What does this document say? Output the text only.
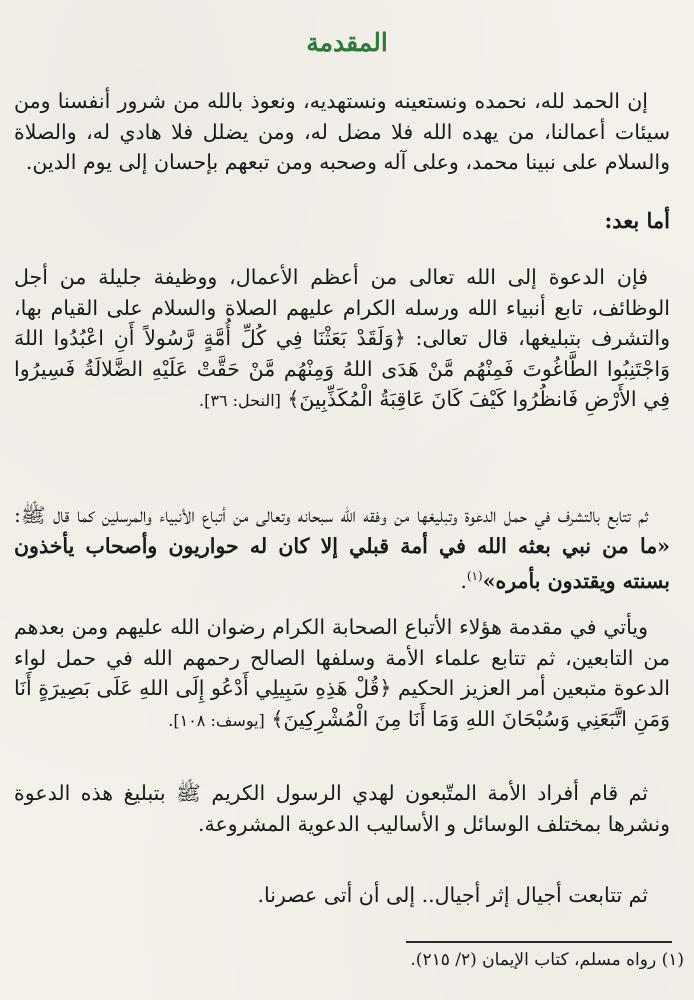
المقدمة
إن الحمد لله، نحمده ونستعينه ونستهديه، ونعوذ بالله من شرور أنفسنا ومن سيئات أعمالنا، من يهده الله فلا مضل له، ومن يضلل فلا هادي له، والصلاة والسلام على نبينا محمد، وعلى آله وصحبه ومن تبعهم بإحسان إلى يوم الدين.
أما بعد:
فإن الدعوة إلى الله تعالى من أعظم الأعمال، ووظيفة جليلة من أجل الوظائف، تابع أنبياء الله ورسله الكرام عليهم الصلاة والسلام على القيام بها، والتشرف بتبليغها، قال تعالى: ﴿وَلَقَدْ بَعَثْنَا فِي كُلِّ أُمَّةٍ رَّسُولاً أَنِ اعْبُدُوا اللهَ وَاجْتَنِبُوا الطَّاغُوتَ فَمِنْهُم مَّنْ هَدَى اللهُ وَمِنْهُم مَّنْ حَقَّتْ عَلَيْهِ الضَّلالَةُ فَسِيرُوا فِي الأَرْضِ فَانظُرُوا كَيْفَ كَانَ عَاقِبَةُ الْمُكَذِّبِينَ﴾ [النحل: ٣٦].
ثم تتابع بالتشرف في حمل الدعوة وتبليغها من وفقه الله سبحانه وتعالى من أتباع الأنبياء والمرسلين كما قال ﷺ: «ما من نبي بعثه الله في أمة قبلي إلا كان له حواريون وأصحاب يأخذون بسنته ويقتدون بأمره»$^{(١)}$.
ويأتي في مقدمة هؤلاء الأتباع الصحابة الكرام رضوان الله عليهم ومن بعدهم من التابعين، ثم تتابع علماء الأمة وسلفها الصالح رحمهم الله في حمل لواء الدعوة متبعين أمر العزيز الحكيم ﴿قُلْ هَذِهِ سَبِيلِي أَدْعُو إِلَى اللهِ عَلَى بَصِيرَةٍ أَنَا وَمَنِ اتَّبَعَنِي وَسُبْحَانَ اللهِ وَمَا أَنَا مِنَ الْمُشْرِكِينَ﴾ [يوسف: ١٠٨].
ثم قام أفراد الأمة المتّبعون لهدي الرسول الكريم ﷺ بتبليغ هذه الدعوة ونشرها بمختلف الوسائل و الأساليب الدعوية المشروعة.
ثم تتابعت أجيال إثر أجيال.. إلى أن أتى عصرنا.
(١) رواه مسلم، كتاب الإيمان (٢/ ٢١٥).
